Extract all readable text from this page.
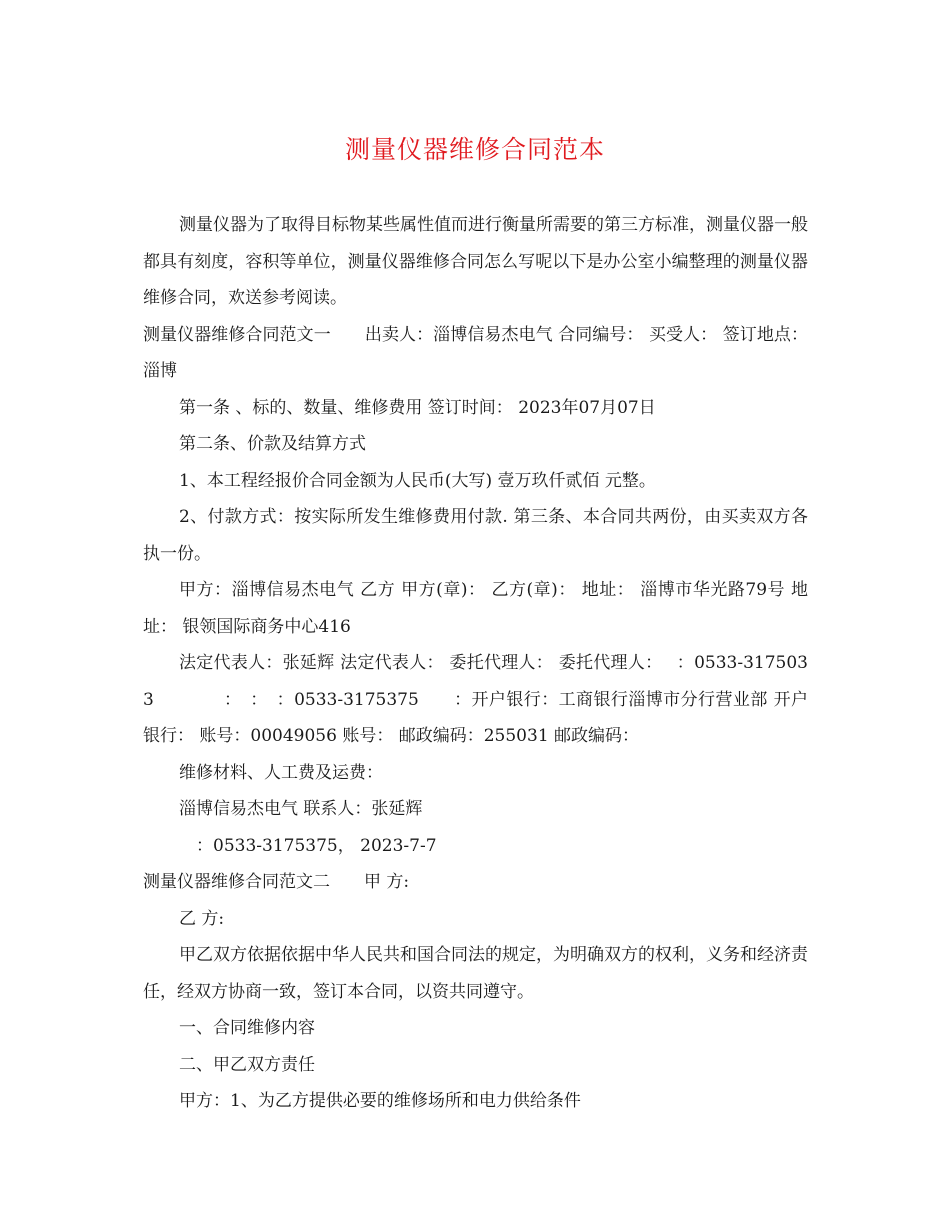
测量仪器维修合同范本

测量仪器为了取得目标物某些属性值而进行衡量所需要的第三方标准，测量仪器一般都具有刻度，容积等单位，测量仪器维修合同怎么写呢以下是办公室小编整理的测量仪器维修合同，欢送参考阅读。

测量仪器维修合同范文一　　出卖人：淄博信易杰电气 合同编号： 买受人： 签订地点： 淄博

第一条 、标的、数量、维修费用 签订时间： 2023年07月07日

第二条、价款及结算方式

1、本工程经报价合同金额为人民币(大写) 壹万玖仟贰佰 元整。

2、付款方式：按实际所发生维修费用付款. 第三条、本合同共两份，由买卖双方各执一份。

甲方：淄博信易杰电气 乙方 甲方(章)： 乙方(章)： 地址： 淄博市华光路79号 地址： 银领国际商务中心416

法定代表人：张延辉 法定代表人： 委托代理人： 委托代理人：　 ：0533-3175033　　　　：　：　：0533-3175375　　：开户银行：工商银行淄博市分行营业部 开户银行： 账号：00049056 账号： 邮政编码：255031 邮政编码：

维修材料、人工费及运费：

淄博信易杰电气 联系人：张延辉

　：0533-3175375， 2023-7-7

测量仪器维修合同范文二　　甲 方:

乙 方:

甲乙双方依据依据中华人民共和国合同法的规定，为明确双方的权利，义务和经济责任，经双方协商一致，签订本合同，以资共同遵守。

一、合同维修内容

二、甲乙双方责任

甲方：1、为乙方提供必要的维修场所和电力供给条件
